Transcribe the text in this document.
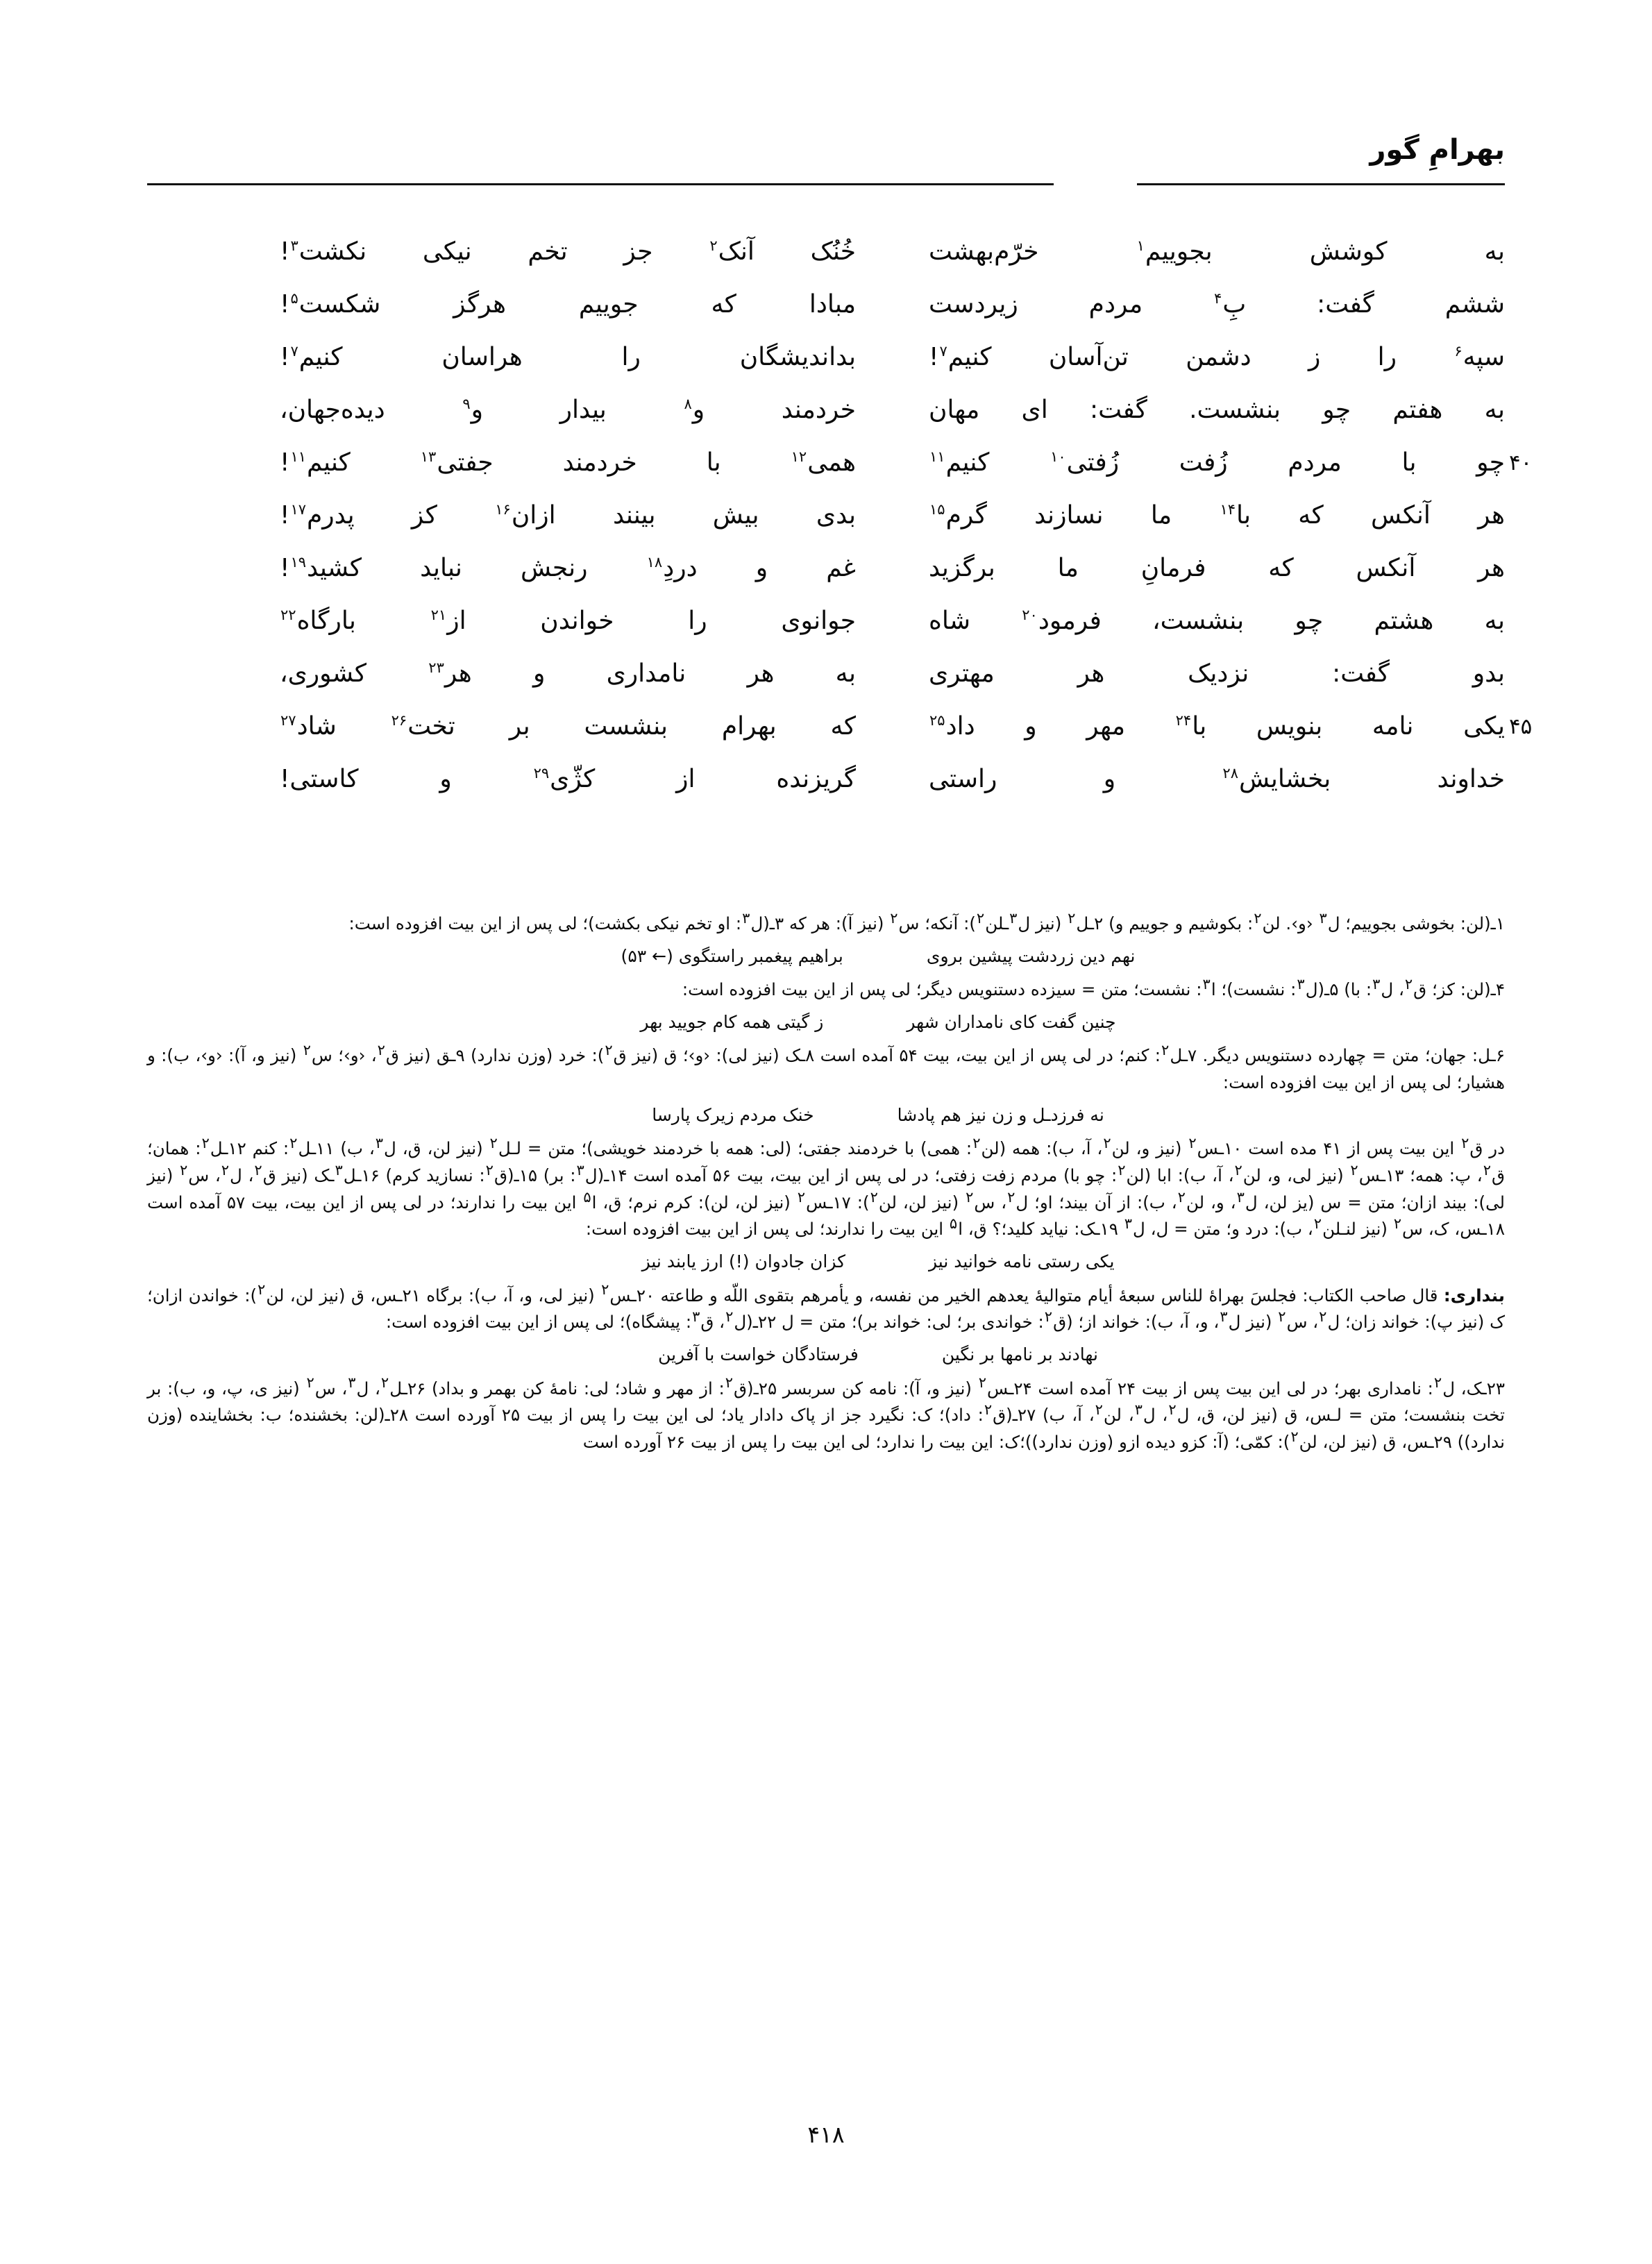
بهرامِ گور
به کوشش بجوییم$^۱$ خرّم‌بهشت
خُنُک آنک$^۲$ جز تخم نیکی نکشت$^۳$!
ششم گفت: بِ$^۴$ مردم زیردست
مبادا که جوییم هرگز شکست$^۵$!
سپه$^۶$ را ز دشمن تن‌آسان کنیم$^۷$!
بداندیشگان را هراسان کنیم$^۷$!
به هفتم چو بنشست. گفت: ای مهان
خردمند و$^۸$ بیدار و$^۹$ دیده‌جهان،
۴۰
چو با مردم زُفت زُفتی$^{۱۰}$ کنیم$^{۱۱}$
همی$^{۱۲}$ با خردمند جفتی$^{۱۳}$ کنیم$^{۱۱}$!
هر آنکس که با$^{۱۴}$ ما نسازند گرم$^{۱۵}$
بدی بیش بینند ازان$^{۱۶}$ کز پدرم$^{۱۷}$!
هر آنکس که فرمانِ ما برگزید
غم و دردِ$^{۱۸}$ رنجش نباید کشید$^{۱۹}$!
به هشتم چو بنشست، فرمود$^{۲۰}$ شاه
جوانوی را خواندن از$^{۲۱}$ بارگاه$^{۲۲}$
بدو گفت: نزدیک هر مهتری
به هر نامداری و هر$^{۲۳}$ کشوری،
۴۵
یکی نامه بنویس با$^{۲۴}$ مهر و داد$^{۲۵}$
که بهرام بنشست بر تخت$^{۲۶}$ شاد$^{۲۷}$
خداوند بخشایش$^{۲۸}$ و راستی
گریزنده از کژّی$^{۲۹}$ و کاستی!

۱ـ(لن: بخوشی بجوییم؛ ل$^۳$ ‹و›. لن$^۲$: بکوشیم و جوییم و) ۲ـل$^۲$ (نیز ل$^۳$ـلن$^۲$): آنکه؛ س$^۲$ (نیز آ): هر که ۳ـ(ل$^۳$: او تخم نیکی بکشت)؛ لی پس از این بیت افزوده است:

نهم دین زردشت پیشین بروی
براهیم پیغمبر راستگوی (← ۵۳)

۴ـ(لن: کز؛ ق$^۲$، ل$^۳$: با) ۵ـ(ل$^۳$: نشست)؛ ا$^۳$: نشست؛ متن = سیزده دستنویس دیگر؛ لی پس از این بیت افزوده است:

چنین گفت کای نامداران شهر
ز گیتی همه کام جویید بهر

۶ـل: جهان؛ متن = چهارده دستنویس دیگر. ۷ـل$^۲$: کنم؛ در لی پس از این بیت، بیت ۵۴ آمده است ۸ـک (نیز لی): ‹و›؛ ق (نیز ق$^۲$): خرد (وزن ندارد) ۹ـق (نیز ق$^۲$، ‹و›؛ س$^۲$ (نیز و، آ): ‹و›، ب): و هشیار؛ لی پس از این بیت افزوده است:

نه فرزدـل و زن نیز هم پادشا
خنک مردم زیرک پارسا

در ق$^۲$ این بیت پس از ۴۱ مده است ۱۰ـس$^۲$ (نیز و، لن$^۲$، آ، ب): همه (لن$^۲$: همی) با خردمند جفتی؛ (لی: همه با خردمند خویشی)؛ متن = لـل$^۲$ (نیز لن، ق، ل$^۳$، ب) ۱۱ـل$^۲$: کنم ۱۲ـل$^۲$: همان؛ ق$^۲$، پ: همه؛ ۱۳ـس$^۲$ (نیز لی، و، لن$^۲$، آ، ب): ابا (لن$^۲$: چو با) مردم زفت زفتی؛ در لی پس از این بیت، بیت ۵۶ آمده است ۱۴ـ(ل$^۳$: بر) ۱۵ـ(ق$^۲$: نسازید کرم) ۱۶ـل$^۳$ـک (نیز ق$^۲$، ل$^۲$، س$^۲$ (نیز لی): بیند ازان؛ متن = س (یز لن، ل$^۳$، و، لن$^۲$، ب): از آن بیند؛ او؛ ل$^۲$، س$^۲$ (نیز لن، لن$^۲$): ۱۷ـس$^۲$ (نیز لن، لن): کرم نرم؛ ق، ا$^۵$ این بیت را ندارند؛ در لی پس از این بیت، بیت ۵۷ آمده است ۱۸ـس، ک، س$^۲$ (نیز لنـلن$^۲$، ب): درد و؛ متن = ل، ل$^۳$ ۱۹ـک: نیاید کلید؛؟ ق، ا$^۵$ این بیت را ندارند؛ لی پس از این بیت افزوده است:

یکی رستی نامه خوانید نیز
کزان جادوان (!) ارز یابند نیز

بنداری: قال صاحب الکتاب: فجلسَ بهراهٔ للناس سبعهٔ أیام متوالیهٔ یعدهم الخیر من نفسه، و یأمرهم بتقوی اللّه و طاعته ۲۰ـس$^۲$ (نیز لی، و، آ، ب): برگاه ۲۱ـس، ق (نیز لن، لن$^۲$): خواندن ازان؛ ک (نیز پ): خواند زان؛ ل$^۲$، س$^۲$ (نیز ل$^۳$، و، آ، ب): خواند از؛ (ق$^۲$: خواندی بر؛ لی: خواند بر)؛ متن = ل ۲۲ـ(ل$^۲$، ق$^۳$: پیشگاه)؛ لی پس از این بیت افزوده است:

نهادند بر نامها بر نگین
فرستادگان خواست با آفرین

۲۳ـک، ل$^۲$: نامداری بهر؛ در لی این بیت پس از بیت ۲۴ آمده است ۲۴ـس$^۲$ (نیز و، آ): نامه کن سربسر ۲۵ـ(ق$^۲$: از مهر و شاد؛ لی: نامهٔ کن بهمر و بداد) ۲۶ـل$^۲$، ل$^۳$، س$^۲$ (نیز ی، پ، و، ب): بر تخت بنشست؛ متن = لـس، ق (نیز لن، ق، ل$^۲$، ل$^۳$، لن$^۲$، آ، ب) ۲۷ـ(ق$^۲$: داد)؛ ک: نگیرد جز از پاک دادار یاد؛ لی این بیت را پس از بیت ۲۵ آورده است ۲۸ـ(لن: بخشنده؛ ب: بخشاینده (وزن ندارد)) ۲۹ـس، ق (نیز لن، لن$^۲$): کمّی؛ (آ: کزو دیده ازو (وزن ندارد))؛ک: این بیت را ندارد؛ لی این بیت را پس از بیت ۲۶ آورده است

۴۱۸
